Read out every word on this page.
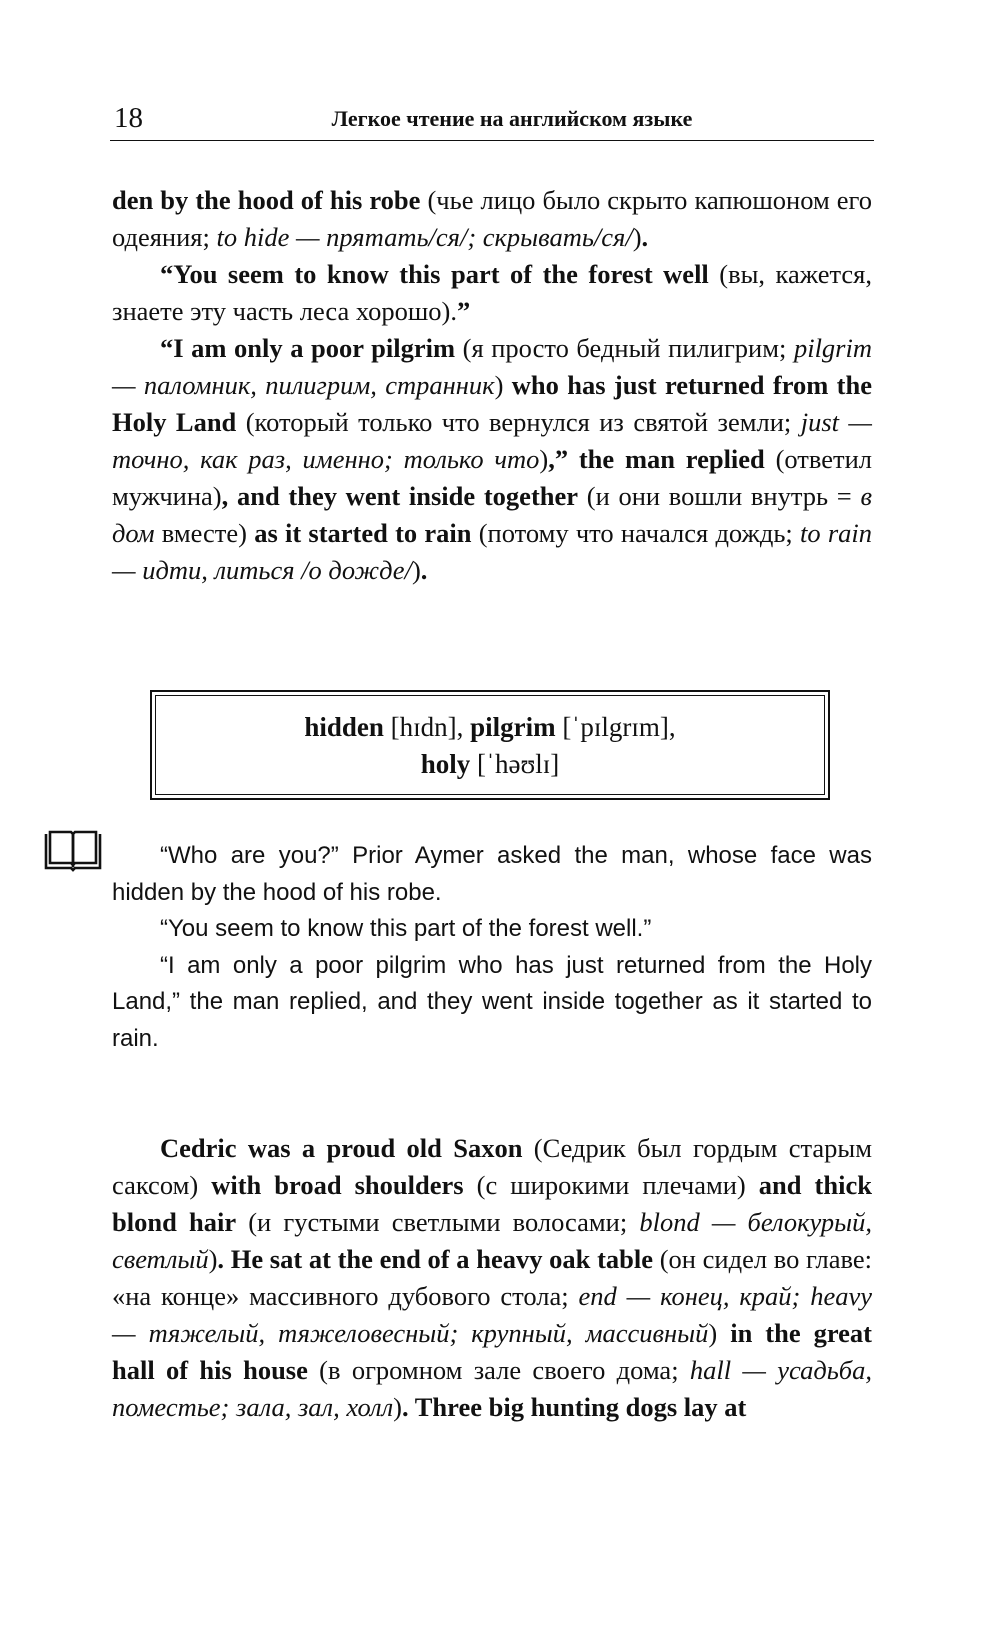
18	Легкое чтение на английском языке

den by the hood of his robe (чье лицо было скрыто капюшоном его одеяния; to hide — прятать/ся/; скрывать/ся/).

“You seem to know this part of the forest well (вы, кажется, знаете эту часть леса хорошо).”

“I am only a poor pilgrim (я просто бедный пилигрим; pilgrim — паломник, пилигрим, странник) who has just returned from the Holy Land (который только что вернулся из святой земли; just — точно, как раз, именно; только что),” the man replied (ответил мужчина), and they went inside together (и они вошли внутрь = в дом вместе) as it started to rain (потому что начался дождь; to rain — идти, литься /о дожде/).

hidden [hɪdn], pilgrim [ˈpɪlgrɪm],
holy [ˈhəʊlɪ]

“Who are you?” Prior Aymer asked the man, whose face was hidden by the hood of his robe.

“You seem to know this part of the forest well.”

“I am only a poor pilgrim who has just returned from the Holy Land,” the man replied, and they went inside together as it started to rain.

Cedric was a proud old Saxon (Седрик был гордым старым саксом) with broad shoulders (с широкими плечами) and thick blond hair (и густыми светлыми волосами; blond — белокурый, светлый). He sat at the end of a heavy oak table (он сидел во главе: «на конце» массивного дубового стола; end — конец, край; heavy — тяжелый, тяжеловесный; крупный, массивный) in the great hall of his house (в огромном зале своего дома; hall — усадьба, поместье; зала, зал, холл). Three big hunting dogs lay at
